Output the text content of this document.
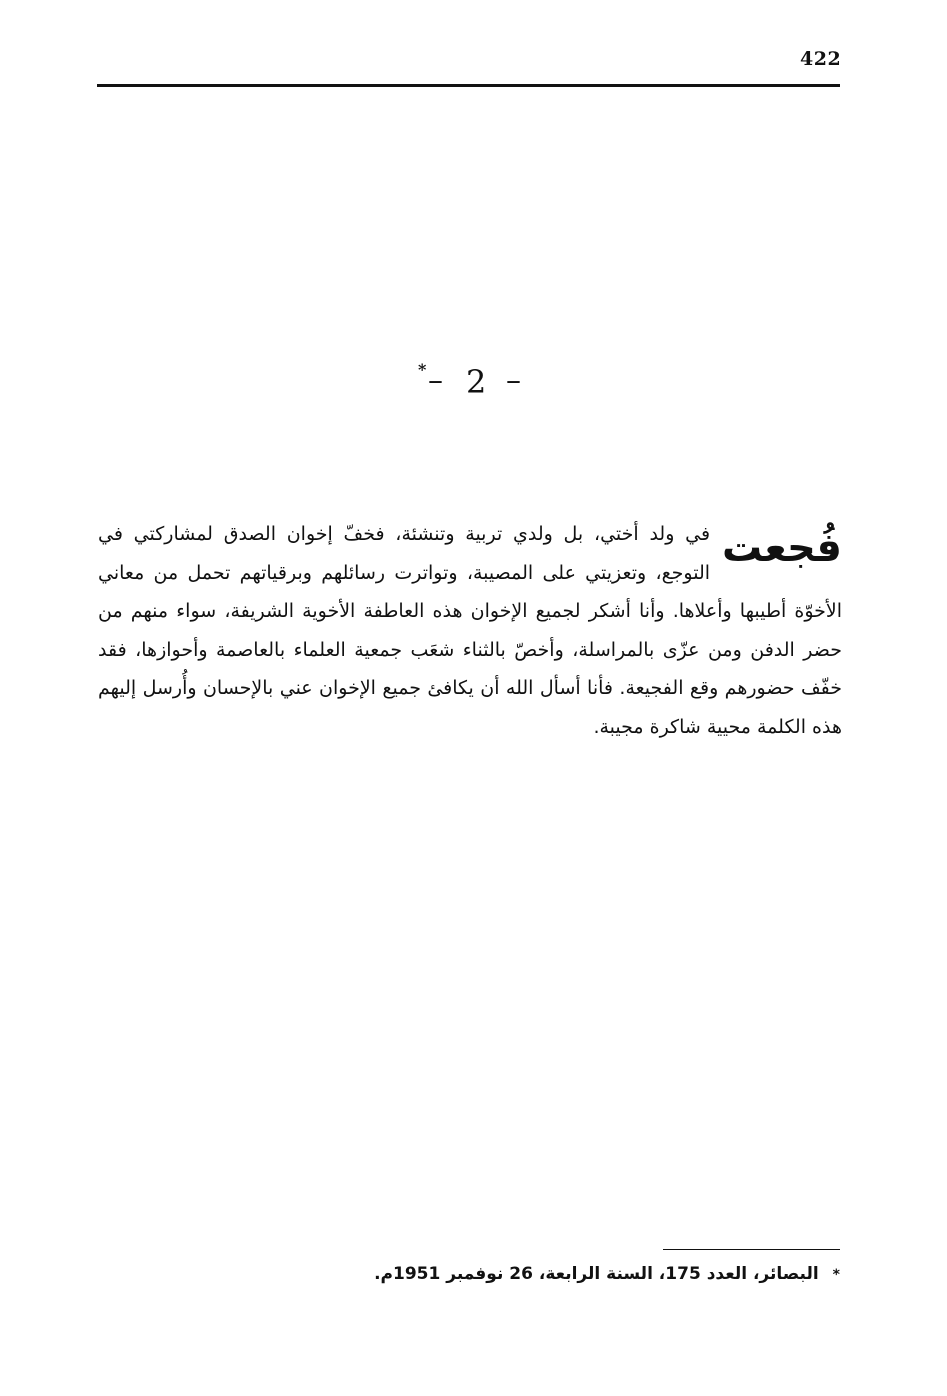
422
* – 2 –
فُجعت

في ولد أختي، بل ولدي تربية وتنشئة، فخفّ إخوان الصدق لمشاركتي في التوجع، وتعزيتي على المصيبة، وتواترت رسائلهم وبرقياتهم تحمل من معاني الأخوّة أطيبها وأعلاها. وأنا أشكر لجميع الإخوان هذه العاطفة الأخوية الشريفة، سواء منهم من حضر الدفن ومن عزّى بالمراسلة، وأخصّ بالثناء شعَب جمعية العلماء بالعاصمة وأحوازها، فقد خفّف حضورهم وقع الفجيعة. فأنا أسأل الله أن يكافئ جميع الإخوان عني بالإحسان وأُرسل إليهم هذه الكلمة محيية شاكرة مجيبة.

*البصائر، العدد 175، السنة الرابعة، 26 نوفمبر 1951م.
